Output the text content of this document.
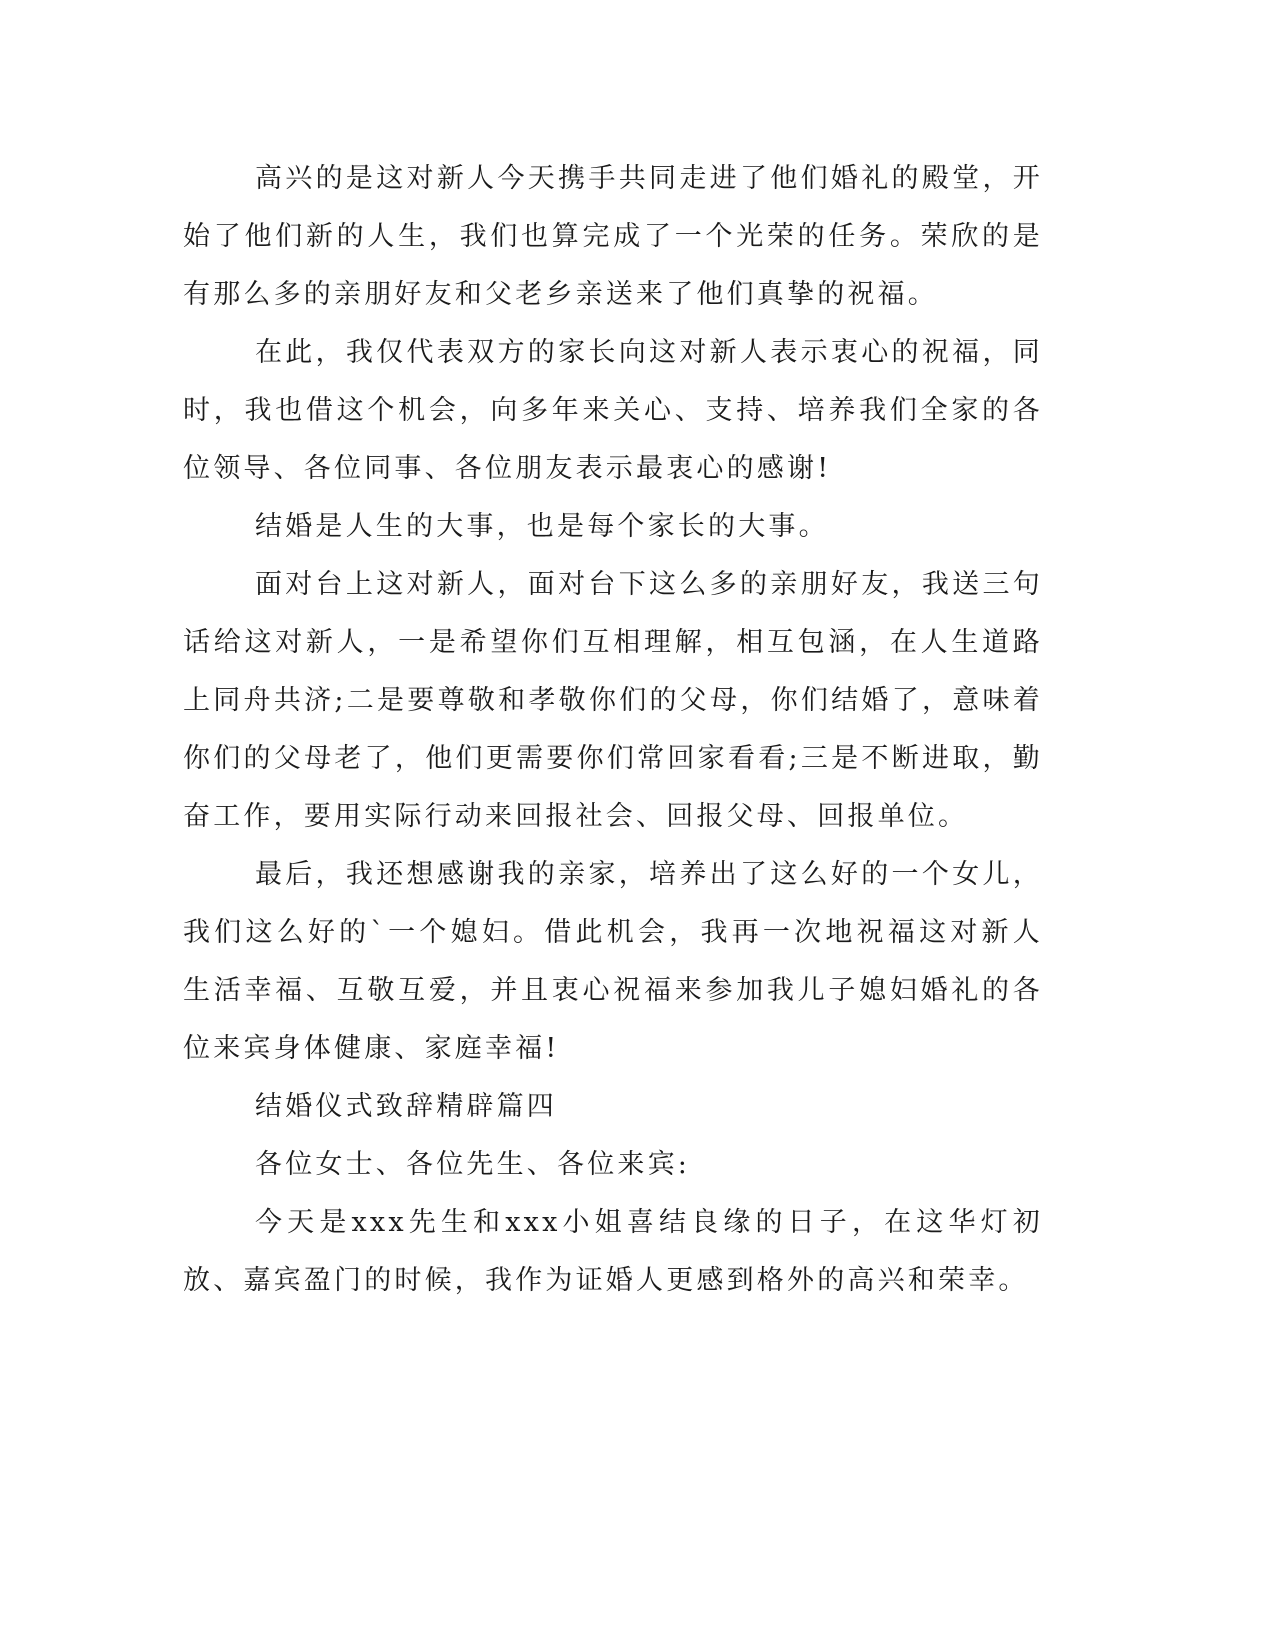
高兴的是这对新人今天携手共同走进了他们婚礼的殿堂，开始了他们新的人生，我们也算完成了一个光荣的任务。荣欣的是有那么多的亲朋好友和父老乡亲送来了他们真挚的祝福。

在此，我仅代表双方的家长向这对新人表示衷心的祝福，同时，我也借这个机会，向多年来关心、支持、培养我们全家的各位领导、各位同事、各位朋友表示最衷心的感谢!

结婚是人生的大事，也是每个家长的大事。

面对台上这对新人，面对台下这么多的亲朋好友，我送三句话给这对新人，一是希望你们互相理解，相互包涵，在人生道路上同舟共济;二是要尊敬和孝敬你们的父母，你们结婚了，意味着你们的父母老了，他们更需要你们常回家看看;三是不断进取，勤奋工作，要用实际行动来回报社会、回报父母、回报单位。

最后，我还想感谢我的亲家，培养出了这么好的一个女儿，我们这么好的`一个媳妇。借此机会，我再一次地祝福这对新人生活幸福、互敬互爱，并且衷心祝福来参加我儿子媳妇婚礼的各位来宾身体健康、家庭幸福!

结婚仪式致辞精辟篇四

各位女士、各位先生、各位来宾:

今天是xxx先生和xxx小姐喜结良缘的日子，在这华灯初放、嘉宾盈门的时候，我作为证婚人更感到格外的高兴和荣幸。
